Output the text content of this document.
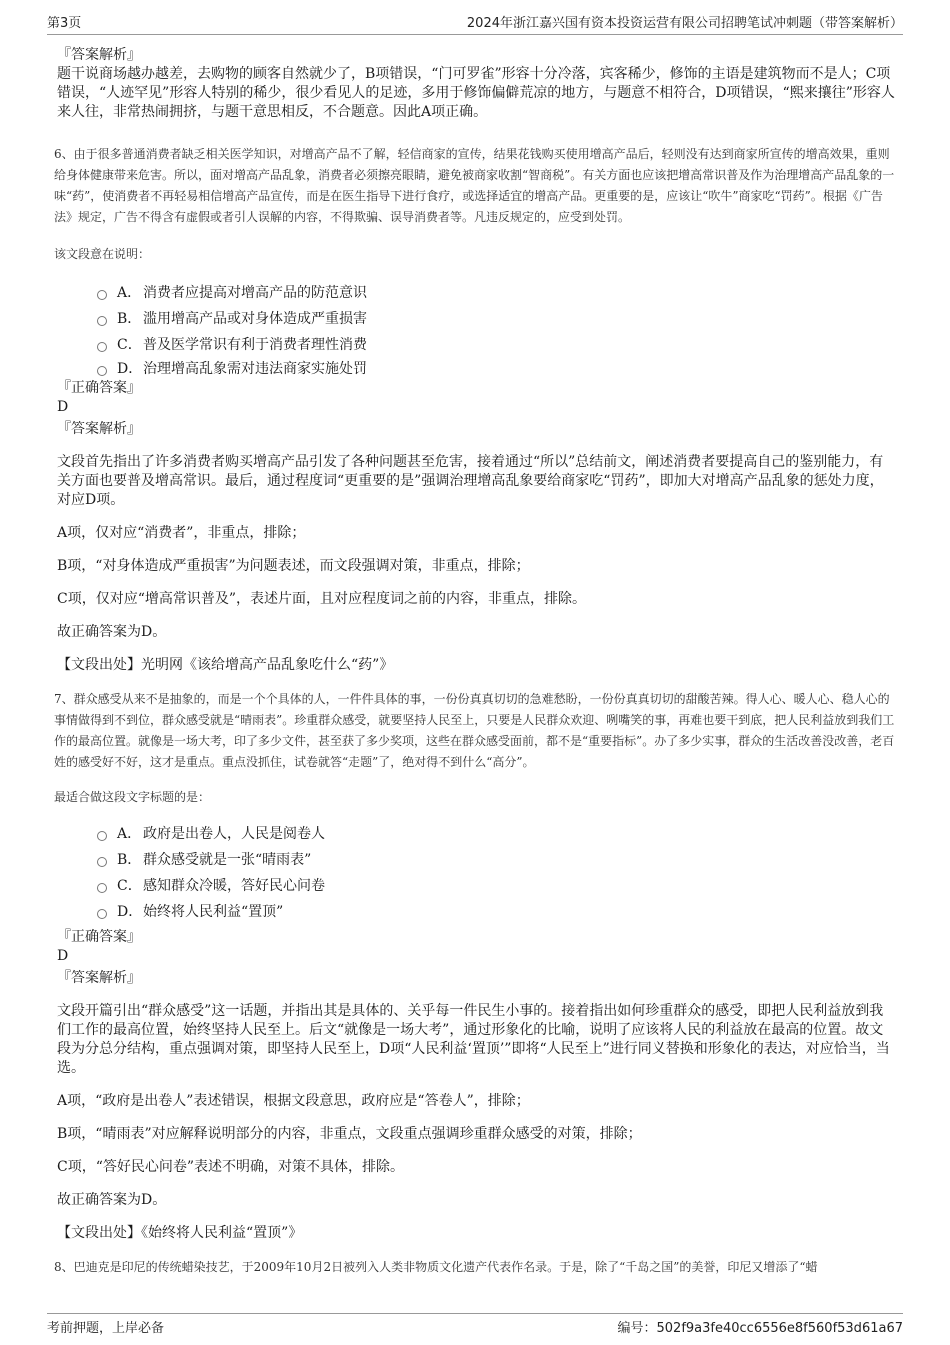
第3页	2024年浙江嘉兴国有资本投资运营有限公司招聘笔试冲刺题（带答案解析）

『答案解析』

题干说商场越办越差，去购物的顾客自然就少了，B项错误，“门可罗雀”形容十分冷落，宾客稀少，修饰的主语是建筑物而不是人；C项错误，“人迹罕见”形容人特别的稀少，很少看见人的足迹，多用于修饰偏僻荒凉的地方，与题意不相符合，D项错误，“熙来攘往”形容人来人往，非常热闹拥挤，与题干意思相反，不合题意。因此A项正确。

6、由于很多普通消费者缺乏相关医学知识，对增高产品不了解，轻信商家的宣传，结果花钱购买使用增高产品后，轻则没有达到商家所宣传的增高效果，重则给身体健康带来危害。所以，面对增高产品乱象，消费者必须擦亮眼睛，避免被商家收割“智商税”。有关方面也应该把增高常识普及作为治理增高产品乱象的一味“药”，使消费者不再轻易相信增高产品宣传，而是在医生指导下进行食疗，或选择适宜的增高产品。更重要的是，应该让“吹牛”商家吃“罚药”。根据《广告法》规定，广告不得含有虚假或者引人误解的内容，不得欺骗、误导消费者等。凡违反规定的，应受到处罚。

该文段意在说明：

A． 消费者应提高对增高产品的防范意识
B． 滥用增高产品或对身体造成严重损害
C． 普及医学常识有利于消费者理性消费
D． 治理增高乱象需对违法商家实施处罚

『正确答案』

D

『答案解析』

文段首先指出了许多消费者购买增高产品引发了各种问题甚至危害，接着通过“所以”总结前文，阐述消费者要提高自己的鉴别能力，有关方面也要普及增高常识。最后，通过程度词“更重要的是”强调治理增高乱象要给商家吃“罚药”，即加大对增高产品乱象的惩处力度，对应D项。

A项，仅对应“消费者”，非重点，排除；

B项，“对身体造成严重损害”为问题表述，而文段强调对策，非重点，排除；

C项，仅对应“增高常识普及”，表述片面，且对应程度词之前的内容，非重点，排除。

故正确答案为D。

【文段出处】光明网《该给增高产品乱象吃什么“药”》

7、群众感受从来不是抽象的，而是一个个具体的人，一件件具体的事，一份份真真切切的急难愁盼，一份份真真切切的甜酸苦辣。得人心、暖人心、稳人心的事情做得到不到位，群众感受就是“晴雨表”。珍重群众感受，就要坚持人民至上，只要是人民群众欢迎、咧嘴笑的事，再难也要干到底，把人民利益放到我们工作的最高位置。就像是一场大考，印了多少文件，甚至获了多少奖项，这些在群众感受面前，都不是“重要指标”。办了多少实事，群众的生活改善没改善，老百姓的感受好不好，这才是重点。重点没抓住，试卷就答“走题”了，绝对得不到什么“高分”。

最适合做这段文字标题的是：

A． 政府是出卷人，人民是阅卷人
B． 群众感受就是一张“晴雨表”
C． 感知群众冷暖，答好民心问卷
D． 始终将人民利益“置顶”

『正确答案』

D

『答案解析』

文段开篇引出“群众感受”这一话题，并指出其是具体的、关乎每一件民生小事的。接着指出如何珍重群众的感受，即把人民利益放到我们工作的最高位置，始终坚持人民至上。后文“就像是一场大考”，通过形象化的比喻，说明了应该将人民的利益放在最高的位置。故文段为分总分结构，重点强调对策，即坚持人民至上，D项“人民利益‘置顶’”即将“人民至上”进行同义替换和形象化的表达，对应恰当，当选。

A项，“政府是出卷人”表述错误，根据文段意思，政府应是“答卷人”，排除；

B项，“晴雨表”对应解释说明部分的内容，非重点，文段重点强调珍重群众感受的对策，排除；

C项，“答好民心问卷”表述不明确，对策不具体，排除。

故正确答案为D。

【文段出处】《始终将人民利益“置顶”》

8、巴迪克是印尼的传统蜡染技艺，于2009年10月2日被列入人类非物质文化遗产代表作名录。于是，除了“千岛之国”的美誉，印尼又增添了“蜡

考前押题，上岸必备	编号：502f9a3fe40cc6556e8f560f53d61a67
